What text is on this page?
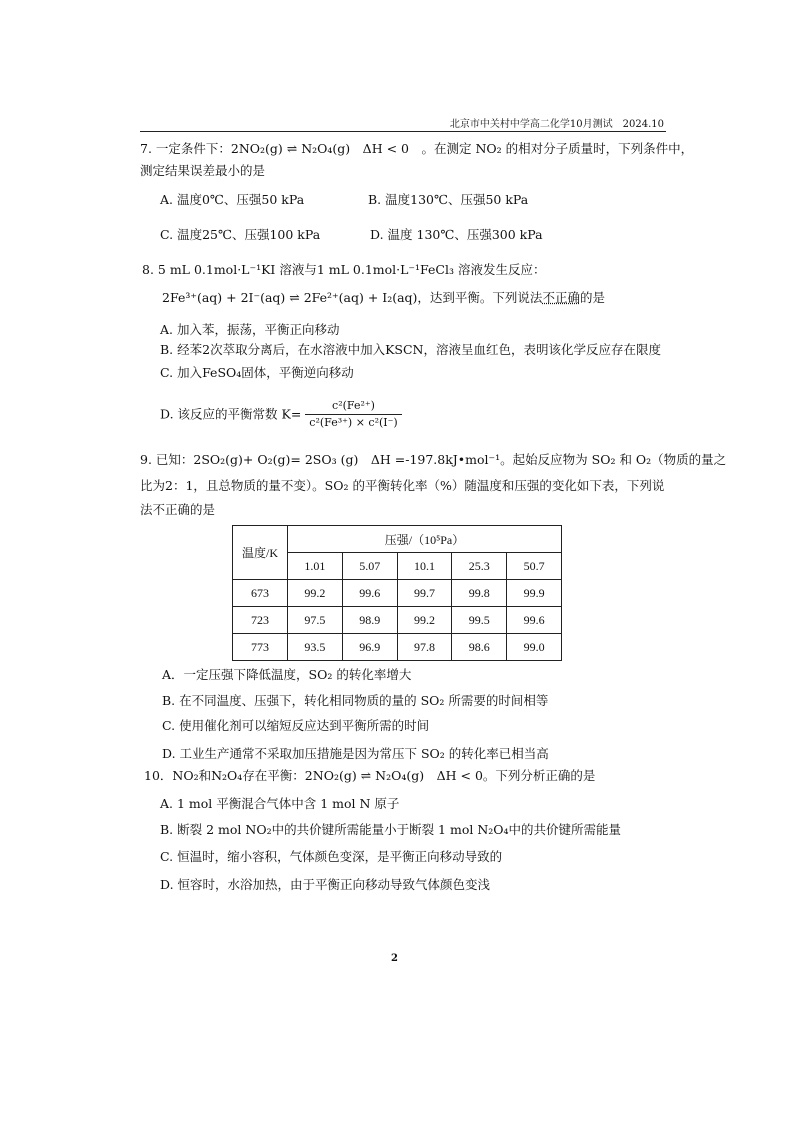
北京市中关村中学高二化学10月测试　2024.10
7. 一定条件下：2NO₂(g) ⇌ N₂O₄(g)　ΔH < 0　。在测定 NO₂ 的相对分子质量时，下列条件中，
测定结果误差最小的是
A. 温度0℃、压强50 kPa	B. 温度130℃、压强50 kPa
C. 温度25℃、压强100 kPa	D. 温度 130℃、压强300 kPa
8. 5 mL 0.1mol·L⁻¹KI 溶液与1 mL 0.1mol·L⁻¹FeCl₃ 溶液发生反应：
2Fe³⁺(aq) + 2I⁻(aq) ⇌ 2Fe²⁺(aq) + I₂(aq)，达到平衡。下列说法不正确的是
A. 加入苯，振荡，平衡正向移动
B. 经苯2次萃取分离后，在水溶液中加入KSCN，溶液呈血红色，表明该化学反应存在限度
C. 加入FeSO₄固体，平衡逆向移动
D. 该反应的平衡常数 $K= \frac{\text{c²(Fe²⁺)}}{\text{c²(Fe³⁺) × c²(I⁻)}}$
9. 已知：2SO₂(g)+ O₂(g)= 2SO₃ (g)　ΔH =-197.8kJ•mol⁻¹。起始反应物为 SO₂ 和 O₂（物质的量之
比为2：1，且总物质的量不变）。SO₂ 的平衡转化率（%）随温度和压强的变化如下表，下列说
法不正确的是
温度/K	压强/（10⁵Pa）				
	1.01	5.07	10.1	25.3	50.7
673	99.2	99.6	99.7	99.8	99.9
723	97.5	98.9	99.2	99.5	99.6
773	93.5	96.9	97.8	98.6	99.0
A．一定压强下降低温度，SO₂ 的转化率增大
B. 在不同温度、压强下，转化相同物质的量的 SO₂ 所需要的时间相等
C. 使用催化剂可以缩短反应达到平衡所需的时间
D. 工业生产通常不采取加压措施是因为常压下 SO₂ 的转化率已相当高
10．NO₂和N₂O₄存在平衡：2NO₂(g) ⇌ N₂O₄(g)　ΔH < 0。下列分析正确的是
A. 1 mol 平衡混合气体中含 1 mol N 原子
B. 断裂 2 mol NO₂中的共价键所需能量小于断裂 1 mol N₂O₄中的共价键所需能量
C. 恒温时，缩小容积，气体颜色变深，是平衡正向移动导致的
D. 恒容时，水浴加热，由于平衡正向移动导致气体颜色变浅
2
